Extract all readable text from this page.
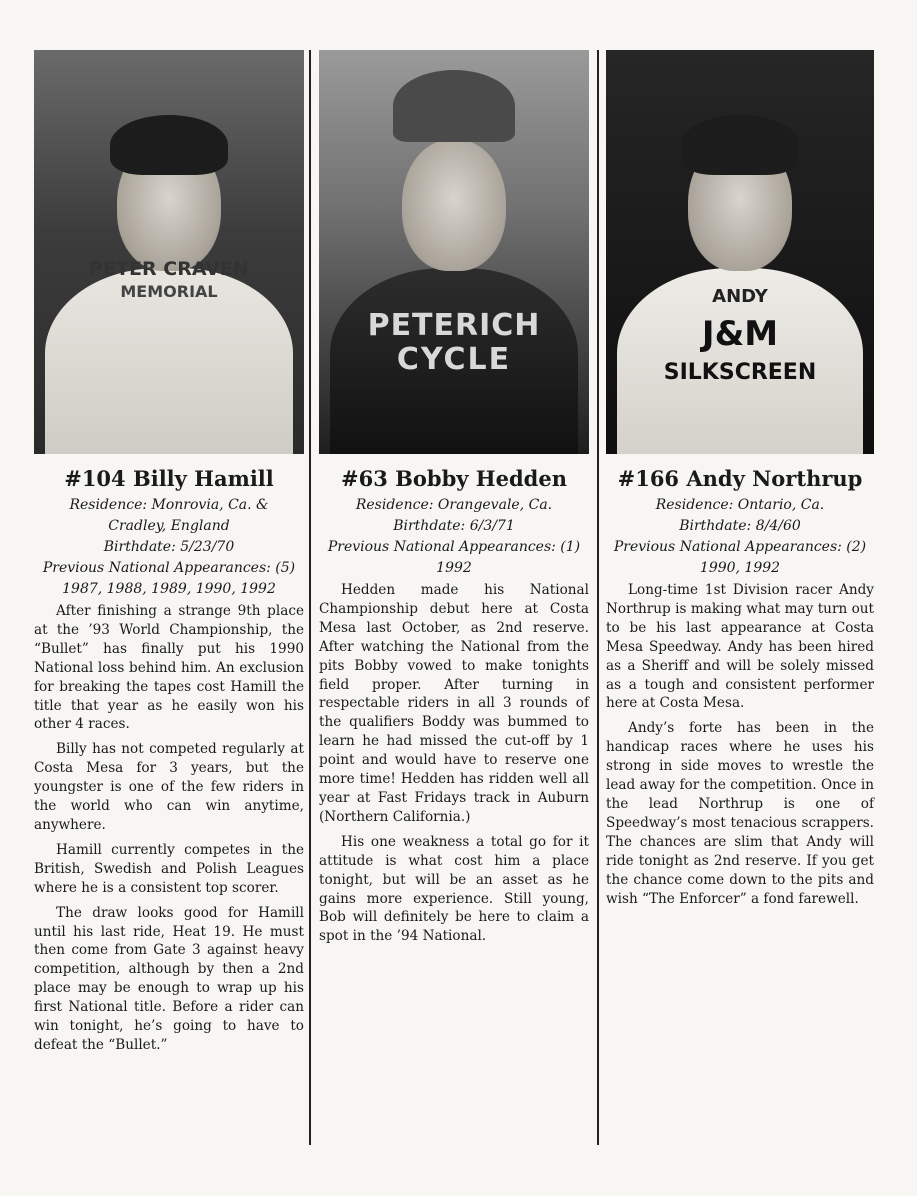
PETER CRAVEN
MEMORIAL
#104 Billy Hamill

Residence: Monrovia, Ca. &

Cradley, England

Birthdate: 5/23/70

Previous National Appearances: (5)

1987, 1988, 1989, 1990, 1992

After finishing a strange 9th place at the ’93 World Championship, the “Bullet” has finally put his 1990 National loss behind him. An exclusion for breaking the tapes cost Hamill the title that year as he easily won his other 4 races.

Billy has not competed regularly at Costa Mesa for 3 years, but the youngster is one of the few riders in the world who can win anytime, anywhere.

Hamill currently competes in the British, Swedish and Polish Leagues where he is a consistent top scorer.

The draw looks good for Hamill until his last ride, Heat 19. He must then come from Gate 3 against heavy competition, although by then a 2nd place may be enough to wrap up his first National title. Before a rider can win tonight, he’s going to have to defeat the “Bullet.”

PETERICH
CYCLE
#63 Bobby Hedden

Residence: Orangevale, Ca.

Birthdate: 6/3/71

Previous National Appearances: (1)

1992

Hedden made his National Championship debut here at Costa Mesa last October, as 2nd reserve. After watching the National from the pits Bobby vowed to make tonights field proper. After turning in respectable riders in all 3 rounds of the qualifiers Boddy was bummed to learn he had missed the cut-off by 1 point and would have to reserve one more time! Hedden has ridden well all year at Fast Fridays track in Auburn (Northern California.)

His one weakness a total go for it attitude is what cost him a place tonight, but will be an asset as he gains more experience. Still young, Bob will definitely be here to claim a spot in the ’94 National.

ANDY
J&M
SILKSCREEN
#166 Andy Northrup

Residence: Ontario, Ca.

Birthdate: 8/4/60

Previous National Appearances: (2)

1990, 1992

Long-time 1st Division racer Andy Northrup is making what may turn out to be his last appearance at Costa Mesa Speedway. Andy has been hired as a Sheriff and will be solely missed as a tough and consistent performer here at Costa Mesa.

Andy’s forte has been in the handicap races where he uses his strong in side moves to wrestle the lead away for the competition. Once in the lead Northrup is one of Speedway’s most tenacious scrappers. The chances are slim that Andy will ride tonight as 2nd reserve. If you get the chance come down to the pits and wish “The Enforcer” a fond farewell.
